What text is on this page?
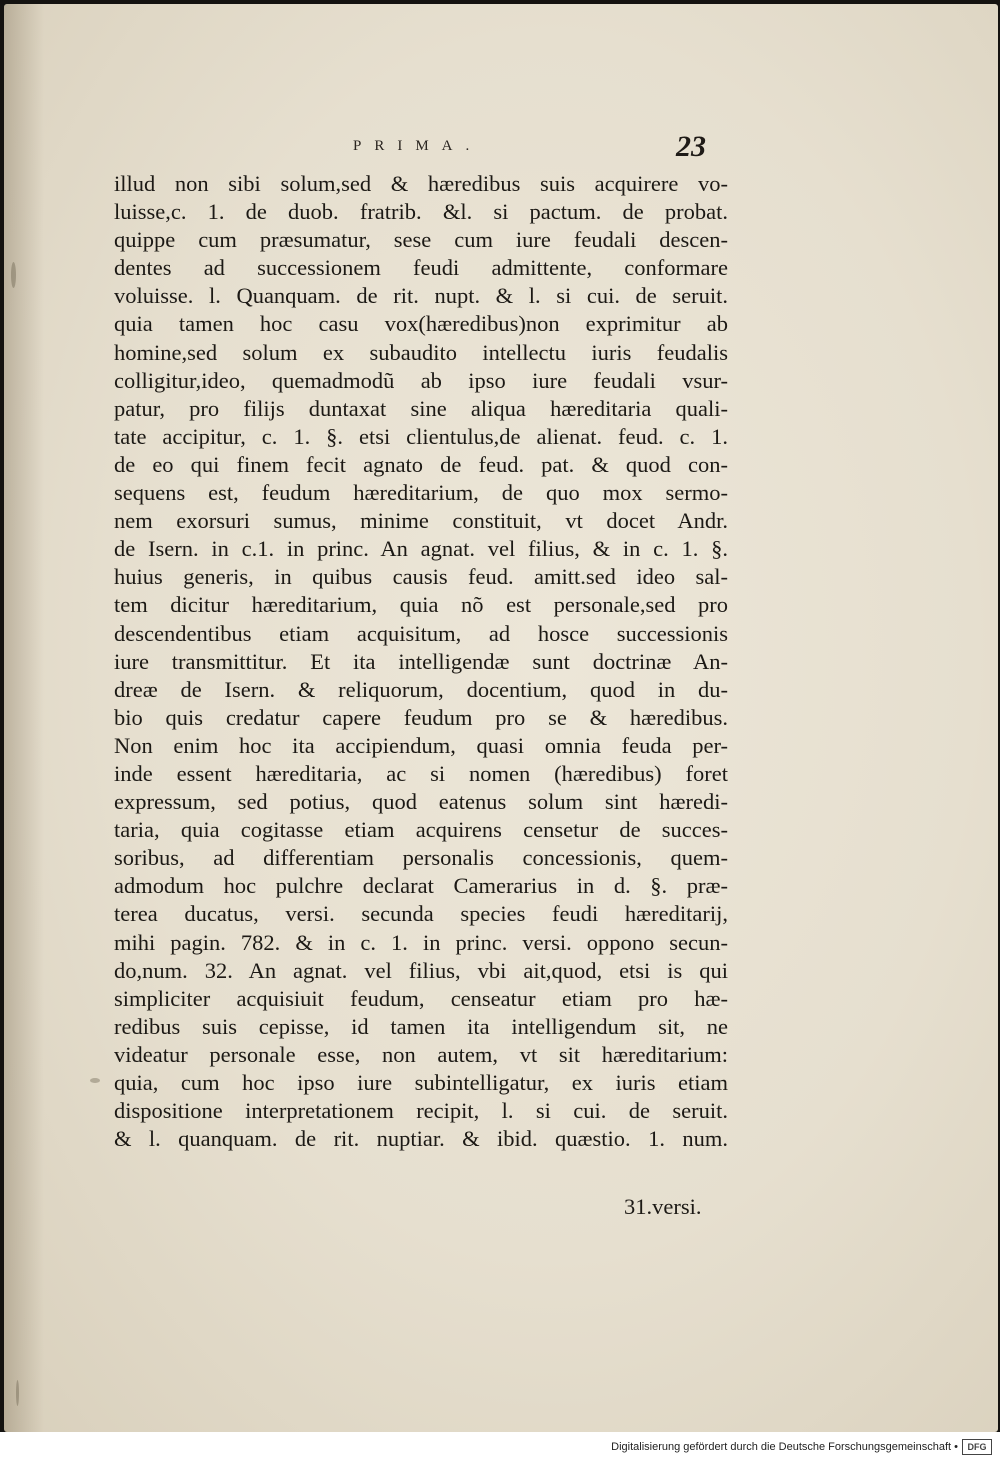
PRIMA.	23
illud non sibi solum,sed & hæredibus suis acquirere vo-
luisse,c. 1. de duob. fratrib. &l. si pactum. de probat.
quippe cum præsumatur, sese cum iure feudali descen-
dentes ad successionem feudi admittente, conformare
voluisse. l. Quanquam. de rit. nupt. & l. si cui. de seruit.
quia tamen hoc casu vox(hæredibus)non exprimitur ab
homine,sed solum ex subaudito intellectu iuris feudalis
colligitur,ideo, quemadmodũ ab ipso iure feudali vsur-
patur, pro filijs duntaxat sine aliqua hæreditaria quali-
tate accipitur, c. 1. §. etsi clientulus,de alienat. feud. c. 1.
de eo qui finem fecit agnato de feud. pat. & quod con-
sequens est, feudum hæreditarium, de quo mox sermo-
nem exorsuri sumus, minime constituit, vt docet Andr.
de Isern. in c.1. in princ. An agnat. vel filius, & in c. 1. §.
huius generis, in quibus causis feud. amitt.sed ideo sal-
tem dicitur hæreditarium, quia nõ est personale,sed pro
descendentibus etiam acquisitum, ad hosce successionis
iure transmittitur. Et ita intelligendæ sunt doctrinæ An-
dreæ de Isern. & reliquorum, docentium, quod in du-
bio quis credatur capere feudum pro se & hæredibus.
Non enim hoc ita accipiendum, quasi omnia feuda per-
inde essent hæreditaria, ac si nomen (hæredibus) foret
expressum, sed potius, quod eatenus solum sint hæredi-
taria, quia cogitasse etiam acquirens censetur de succes-
soribus, ad differentiam personalis concessionis, quem-
admodum hoc pulchre declarat Camerarius in d. §. præ-
terea ducatus, versi. secunda species feudi hæreditarij,
mihi pagin. 782. & in c. 1. in princ. versi. oppono secun-
do,num. 32. An agnat. vel filius, vbi ait,quod, etsi is qui
simpliciter acquisiuit feudum, censeatur etiam pro hæ-
redibus suis cepisse, id tamen ita intelligendum sit, ne
videatur personale esse, non autem, vt sit hæreditarium:
quia, cum hoc ipso iure subintelligatur, ex iuris etiam
dispositione interpretationem recipit, l. si cui. de seruit.
& l. quanquam. de rit. nuptiar. & ibid. quæstio. 1. num.
31.versi.
Digitalisierung gefördert durch die Deutsche Forschungsgemeinschaft •	DFG
